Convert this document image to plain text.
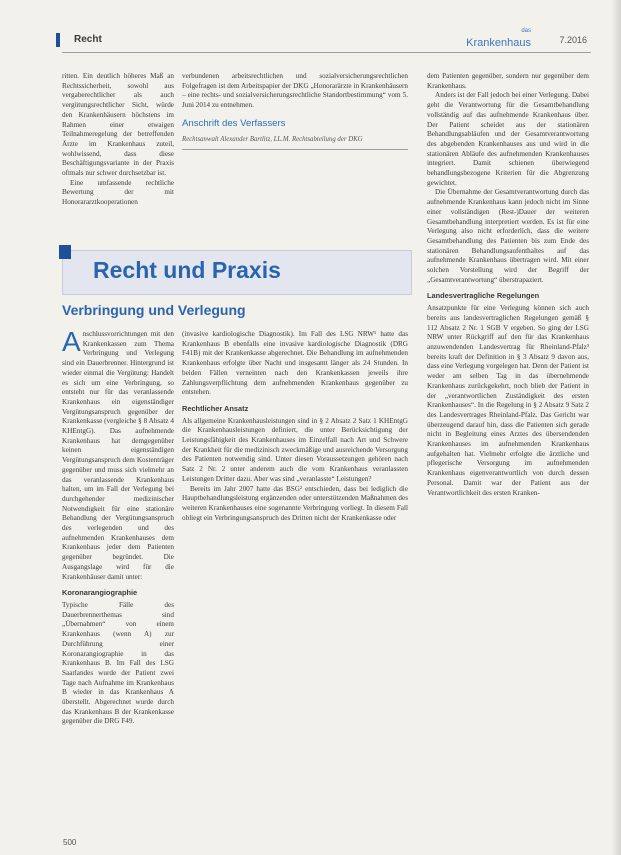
Recht
das
Krankenhaus	7.2016

ritten. Ein deutlich höheres Maß an Rechtssicherheit, sowohl aus vergaberechtlicher als auch vergütungsrechtlicher Sicht, würde den Krankenhäusern höchstens im Rahmen einer etwaigen Teilnahmeregelung der betreffenden Ärzte im Krankenhaus zuteil, wohlwissend, dass diese Beschäftigungsvariante in der Praxis oftmals nur schwer durchsetzbar ist.

Eine umfassende rechtliche Bewertung der mit Honorararztkooperationen

verbundenen arbeitsrechtlichen und sozialversicherungsrechtlichen Folgefragen ist dem Arbeitspapier der DKG „Honorarärzte in Krankenhäusern – eine rechts- und sozialversicherungsrechtliche Standortbestimmung“ vom 5. Juni 2014 zu entnehmen.

Anschrift des Verfassers
Rechtsanwalt Alexander Bartlitz, LL.M. Rechtsabteilung der DKG

dem Patienten gegenüber, sondern nur gegenüber dem Krankenhaus.

Anders ist der Fall jedoch bei einer Verlegung. Dabei geht die Verantwortung für die Gesamtbehandlung vollständig auf das aufnehmende Krankenhaus über. Der Patient scheidet aus der stationären Behandlungsabläufen und der Gesamtverantwortung des abgebenden Krankenhauses aus und wird in die stationären Abläufe des aufnehmenden Krankenhauses integriert. Damit schienen überwiegend behandlungsbezogene Kriterien für die Abgrenzung gewichtet.

Die Übernahme der Gesamtverantwortung durch das aufnehmende Krankenhaus kann jedoch nicht im Sinne einer vollständigen (Rest-)Dauer der weiteren Gesamtbehandlung interpretiert werden. Es ist für eine Verlegung also nicht erforderlich, dass die weitere Gesamtbehandlung des Patienten bis zum Ende des stationären Behandlungsaufenthaltes auf das aufnehmende Krankenhaus übertragen wird. Mit einer solchen Vorstellung wird der Begriff der „Gesamtverantwortung“ überstrapaziert.

Landesvertragliche Regelungen

Ansatzpunkte für eine Verlegung können sich auch bereits aus landesvertraglichen Regelungen gemäß § 112 Absatz 2 Nr. 1 SGB V ergeben. So ging der LSG NRW unter Rückgriff auf den für das Krankenhaus anzuwendenden Landesvertrag für Rheinland-Pfalz³ bereits kraft der Definition in § 3 Absatz 9 davon aus, dass eine Verlegung vorgelegen hat. Denn der Patient ist weder am selben Tag in das übernehmende Krankenhaus zurückgekehrt, noch blieb der Patient in der „verantwortlichen Zuständigkeit des ersten Krankenhauses“. In die Regelung in § 2 Absatz 9 Satz 2 des Landesvertrages Rheinland-Pfalz. Das Gericht war überzeugend darauf hin, dass die Patienten sich gerade nicht in Begleitung eines Arztes des übersendenden Krankenhauses im aufnehmenden Krankenhaus aufgehalten hat. Vielmehr erfolgte die ärztliche und pflegerische Versorgung im aufnehmenden Krankenhaus eigenverantwortlich von durch dessen Personal. Damit war der Patient aus der Verantwortlichkeit des ersten Kranken-

Recht und Praxis
Verbringung und Verlegung

Anschlussvorrichtungen mit den Krankenkassen zum Thema Verbringung und Verlegung sind ein Dauerbrenner. Hintergrund ist wieder einmal die Vergütung: Handelt es sich um eine Verbringung, so entsteht nur für das veranlassende Krankenhaus ein eigenständiger Vergütungsanspruch gegenüber der Krankenkasse (vergleiche § 8 Absatz 4 KHEntgG). Das aufnehmende Krankenhaus hat demgegenüber keinen eigenständigen Vergütungsanspruch dem Kostenträger gegenüber und muss sich vielmehr an das veranlassende Krankenhaus halten, um im Fall der Verlegung bei durchgehender medizinischer Notwendigkeit für eine stationäre Behandlung der Vergütungsanspruch des verlegenden und des aufnehmenden Krankenhauses dem Krankenhaus jeder dem Patienten gegenüber begründet. Die Ausgangslage wird für die Krankenhäuser damit unter:

Koronarangiographie

Typische Fälle des Dauerbrennerthemas sind „Übernahmen“ von einem Krankenhaus (wenn A) zur Durchführung einer Koronarangiographie in das Krankenhaus B. Im Fall des LSG Saarlandes wurde der Patient zwei Tage nach Aufnahme im Krankenhaus B wieder in das Krankenhaus A überstellt. Abgerechnet wurde durch das Krankenhaus B der Krankenkasse gegenüber die DRG F49.

(invasive kardiologische Diagnostik). Im Fall des LSG NRW¹ hatte das Krankenhaus B ebenfalls eine invasive kardiologische Diagnostik (DRG F41B) mit der Krankenkasse abgerechnet. Die Behandlung im aufnehmenden Krankenhaus erfolgte über Nacht und insgesamt länger als 24 Stunden. In beiden Fällen verneinten nach den Krankenkassen jeweils ihre Zahlungsverpflichtung dem aufnehmenden Krankenhaus gegenüber zu entstehen.

Rechtlicher Ansatz

Als allgemeine Krankenhausleistungen sind in § 2 Absatz 2 Satz 1 KHEntgG die Krankenhausleistungen definiert, die unter Berücksichtigung der Leistungsfähigkeit des Krankenhauses im Einzelfall nach Art und Schwere der Krankheit für die medizinisch zweckmäßige und ausreichende Versorgung des Patienten notwendig sind. Unter diesen Voraussetzungen gehören nach Satz 2 Nr. 2 unter anderem auch die vom Krankenhaus veranlassten Leistungen Dritter dazu. Aber was sind „veranlasste“ Leistungen?

Bereits im Jahr 2007 hatte das BSG² entschieden, dass bei lediglich die Hauptbehandlungsleistung ergänzenden oder unterstützenden Maßnahmen des weiteren Krankenhauses eine sogenannte Verbringung vorliegt. In diesem Fall obliegt ein Verbringungsanspruch des Dritten nicht der Krankenkasse oder

500
